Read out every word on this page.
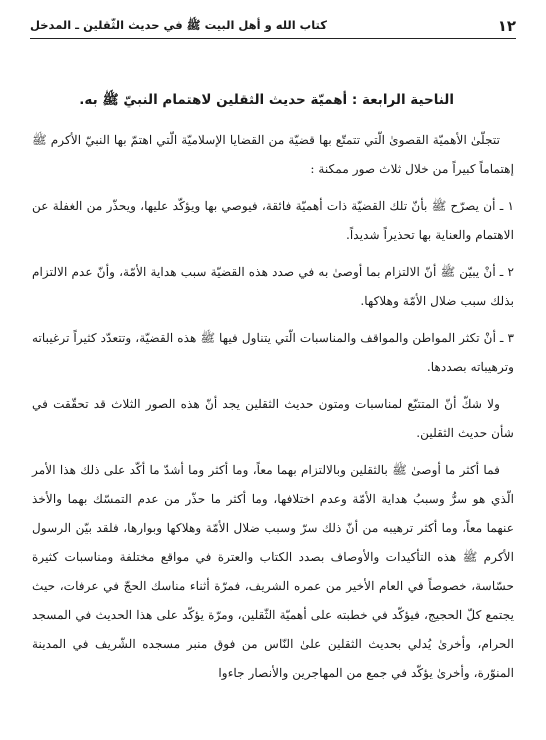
١٢
كتاب الله و أهل البيت ﷺ في حديث الثّقلين ـ المدخل

الناحية الرابعة : أهميّة حديث الثقلين لاهتمام النبيّ ﷺ به.

تتجلّىٰ الأهميّة القصوىٰ الّتي تتمتّع بها قضيّة من القضايا الإسلاميّة الّتي اهتمّ بها النبيّ الأكرم ﷺ إهتماماً كبيراً من خلال ثلاث صور ممكنة :

١ ـ أن يصرّح ﷺ بأنّ تلك القضيّة ذات أهميّة فائقة، فيوصي بها ويؤكّد عليها، ويحذّر من الغفلة عن الاهتمام والعناية بها تحذيراً شديداً.

٢ ـ أنْ يبيّن ﷺ أنّ الالتزام بما أوصىٰ به في صدد هذه القضيّة سبب هداية الأمّة، وأنّ عدم الالتزام بذلك سبب ضلال الأمّة وهلاكها.

٣ ـ أنْ تكثر المواطن والمواقف والمناسبات الّتي يتناول فيها ﷺ هذه القضيّة، وتتعدّد كثيراً ترغيباته وترهيباته بصددها.

ولا شكّ أنّ المتتبّع لمناسبات ومتون حديث الثقلين يجد أنّ هذه الصور الثلاث قد تحقّقت في شأن حديث الثقلين.

فما أكثر ما أوصىٰ ﷺ بالثقلين وبالالتزام بهما معاً، وما أكثر وما أشدّ ما أكّد على ذلك هذا الأمر الّذي هو سرُّ وسببُ هداية الأمّة وعدم اختلافها، وما أكثر ما حذّر من عدم التمسّك بهما والأخذ عنهما معاً، وما أكثر ترهيبه من أنّ ذلك سرّ وسبب ضلال الأمّة وهلاكها وبوارها، فلقد بيّن الرسول الأكرم ﷺ هذه التأكيدات والأوصاف بصدد الكتاب والعترة في مواقع مختلفة ومناسبات كثيرة حسّاسة، خصوصاً في العام الأخير من عمره الشريف، فمرّة أثناء مناسك الحجّ في عرفات، حيث يجتمع كلّ الحجيج، فيؤكّد في خطبته على أهميّة الثّقلين، ومرّة يؤكّد على هذا الحديث في المسجد الحرام، وأخرىٰ يُدلي بحديث الثقلين علىٰ النّاس من فوق منبر مسجده الشّريف في المدينة المنوّرة، وأخرىٰ يؤكّد في جمع من المهاجرين والأنصار جاءوا
